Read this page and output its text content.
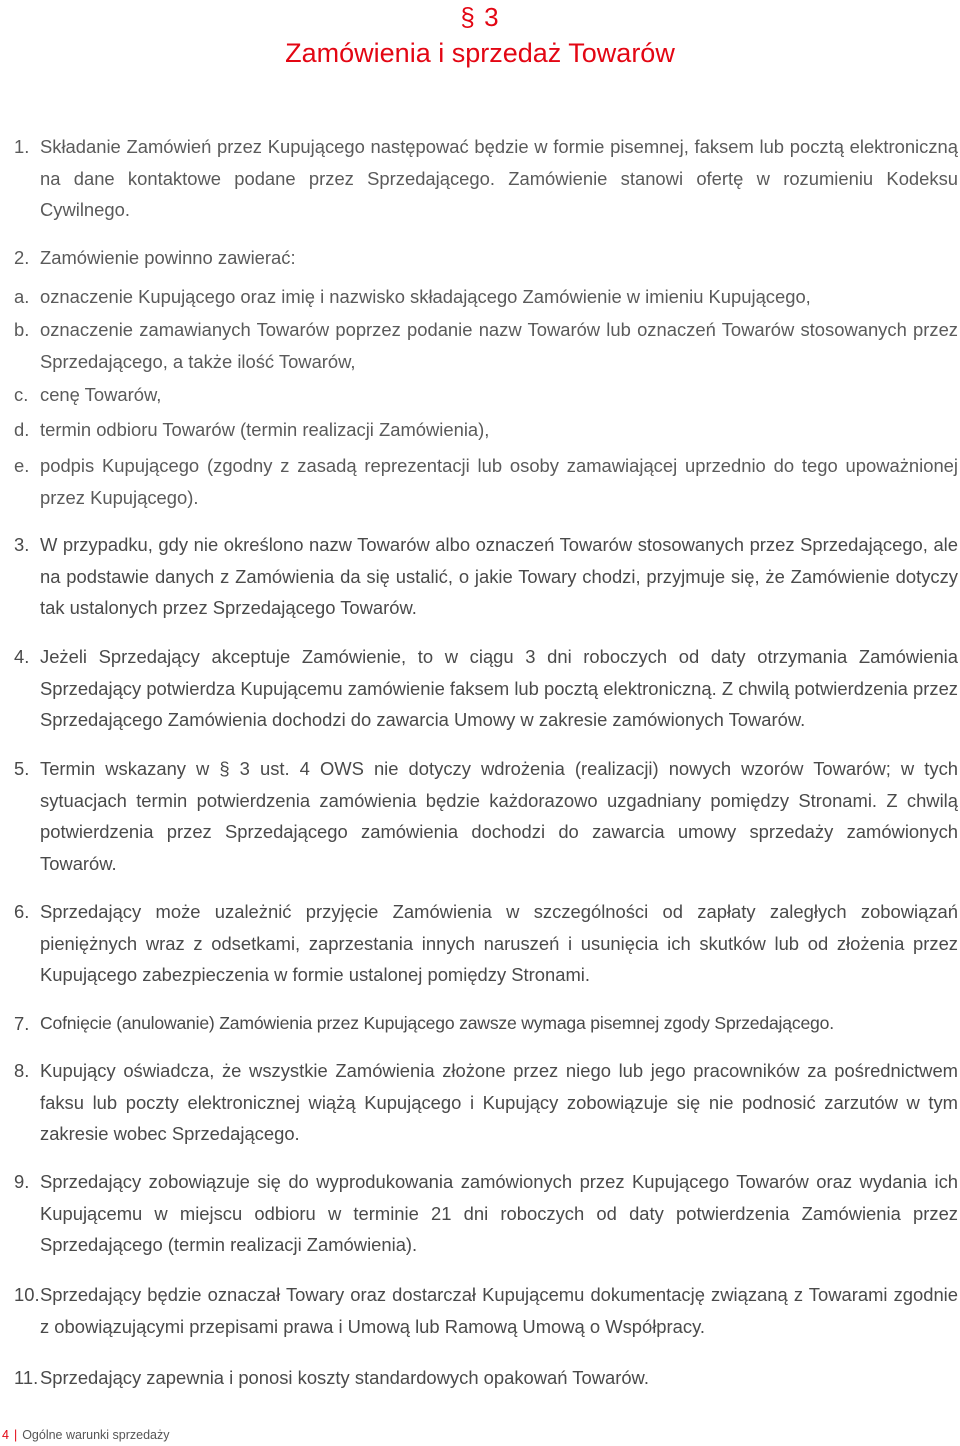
§ 3
Zamówienia i sprzedaż Towarów
1. Składanie Zamówień przez Kupującego następować będzie w formie pisemnej, faksem lub pocztą elektroniczną na dane kontaktowe podane przez Sprzedającego. Zamówienie stanowi ofertę w rozumieniu Kodeksu Cywilnego.
2. Zamówienie powinno zawierać:
a. oznaczenie Kupującego oraz imię i nazwisko składającego Zamówienie w imieniu Kupującego,
b. oznaczenie zamawianych Towarów poprzez podanie nazw Towarów lub oznaczeń Towarów stosowanych przez Sprzedającego, a także ilość Towarów,
c. cenę Towarów,
d. termin odbioru Towarów (termin realizacji Zamówienia),
e. podpis Kupującego (zgodny z zasadą reprezentacji lub osoby zamawiającej uprzednio do tego upoważnionej przez Kupującego).
3. W przypadku, gdy nie określono nazw Towarów albo oznaczeń Towarów stosowanych przez Sprzedającego, ale na podstawie danych z Zamówienia da się ustalić, o jakie Towary chodzi, przyjmuje się, że Zamówienie dotyczy tak ustalonych przez Sprzedającego Towarów.
4. Jeżeli Sprzedający akceptuje Zamówienie, to w ciągu 3 dni roboczych od daty otrzymania Zamówienia Sprzedający potwierdza Kupującemu zamówienie faksem lub pocztą elektroniczną. Z chwilą potwierdzenia przez Sprzedającego Zamówienia dochodzi do zawarcia Umowy w zakresie zamówionych Towarów.
5. Termin wskazany w § 3 ust. 4 OWS nie dotyczy wdrożenia (realizacji) nowych wzorów Towarów; w tych sytuacjach termin potwierdzenia zamówienia będzie każdorazowo uzgadniany pomiędzy Stronami. Z chwilą potwierdzenia przez Sprzedającego zamówienia dochodzi do zawarcia umowy sprzedaży zamówionych Towarów.
6. Sprzedający może uzależnić przyjęcie Zamówienia w szczególności od zapłaty zaległych zobowiązań pieniężnych wraz z odsetkami, zaprzestania innych naruszeń i usunięcia ich skutków lub od złożenia przez Kupującego zabezpieczenia w formie ustalonej pomiędzy Stronami.
7. Cofnięcie (anulowanie) Zamówienia przez Kupującego zawsze wymaga pisemnej zgody Sprzedającego.
8. Kupujący oświadcza, że wszystkie Zamówienia złożone przez niego lub jego pracowników za pośrednictwem faksu lub poczty elektronicznej wiążą Kupującego i Kupujący zobowiązuje się nie podnosić zarzutów w tym zakresie wobec Sprzedającego.
9. Sprzedający zobowiązuje się do wyprodukowania zamówionych przez Kupującego Towarów oraz wydania ich Kupującemu w miejscu odbioru w terminie 21 dni roboczych od daty potwierdzenia Zamówienia przez Sprzedającego (termin realizacji Zamówienia).
10. Sprzedający będzie oznaczał Towary oraz dostarczał Kupującemu dokumentację związaną z Towarami zgodnie z obowiązującymi przepisami prawa i Umową lub Ramową Umową o Współpracy.
11. Sprzedający zapewnia i ponosi koszty standardowych opakowań Towarów.
4 | Ogólne warunki sprzedaży
